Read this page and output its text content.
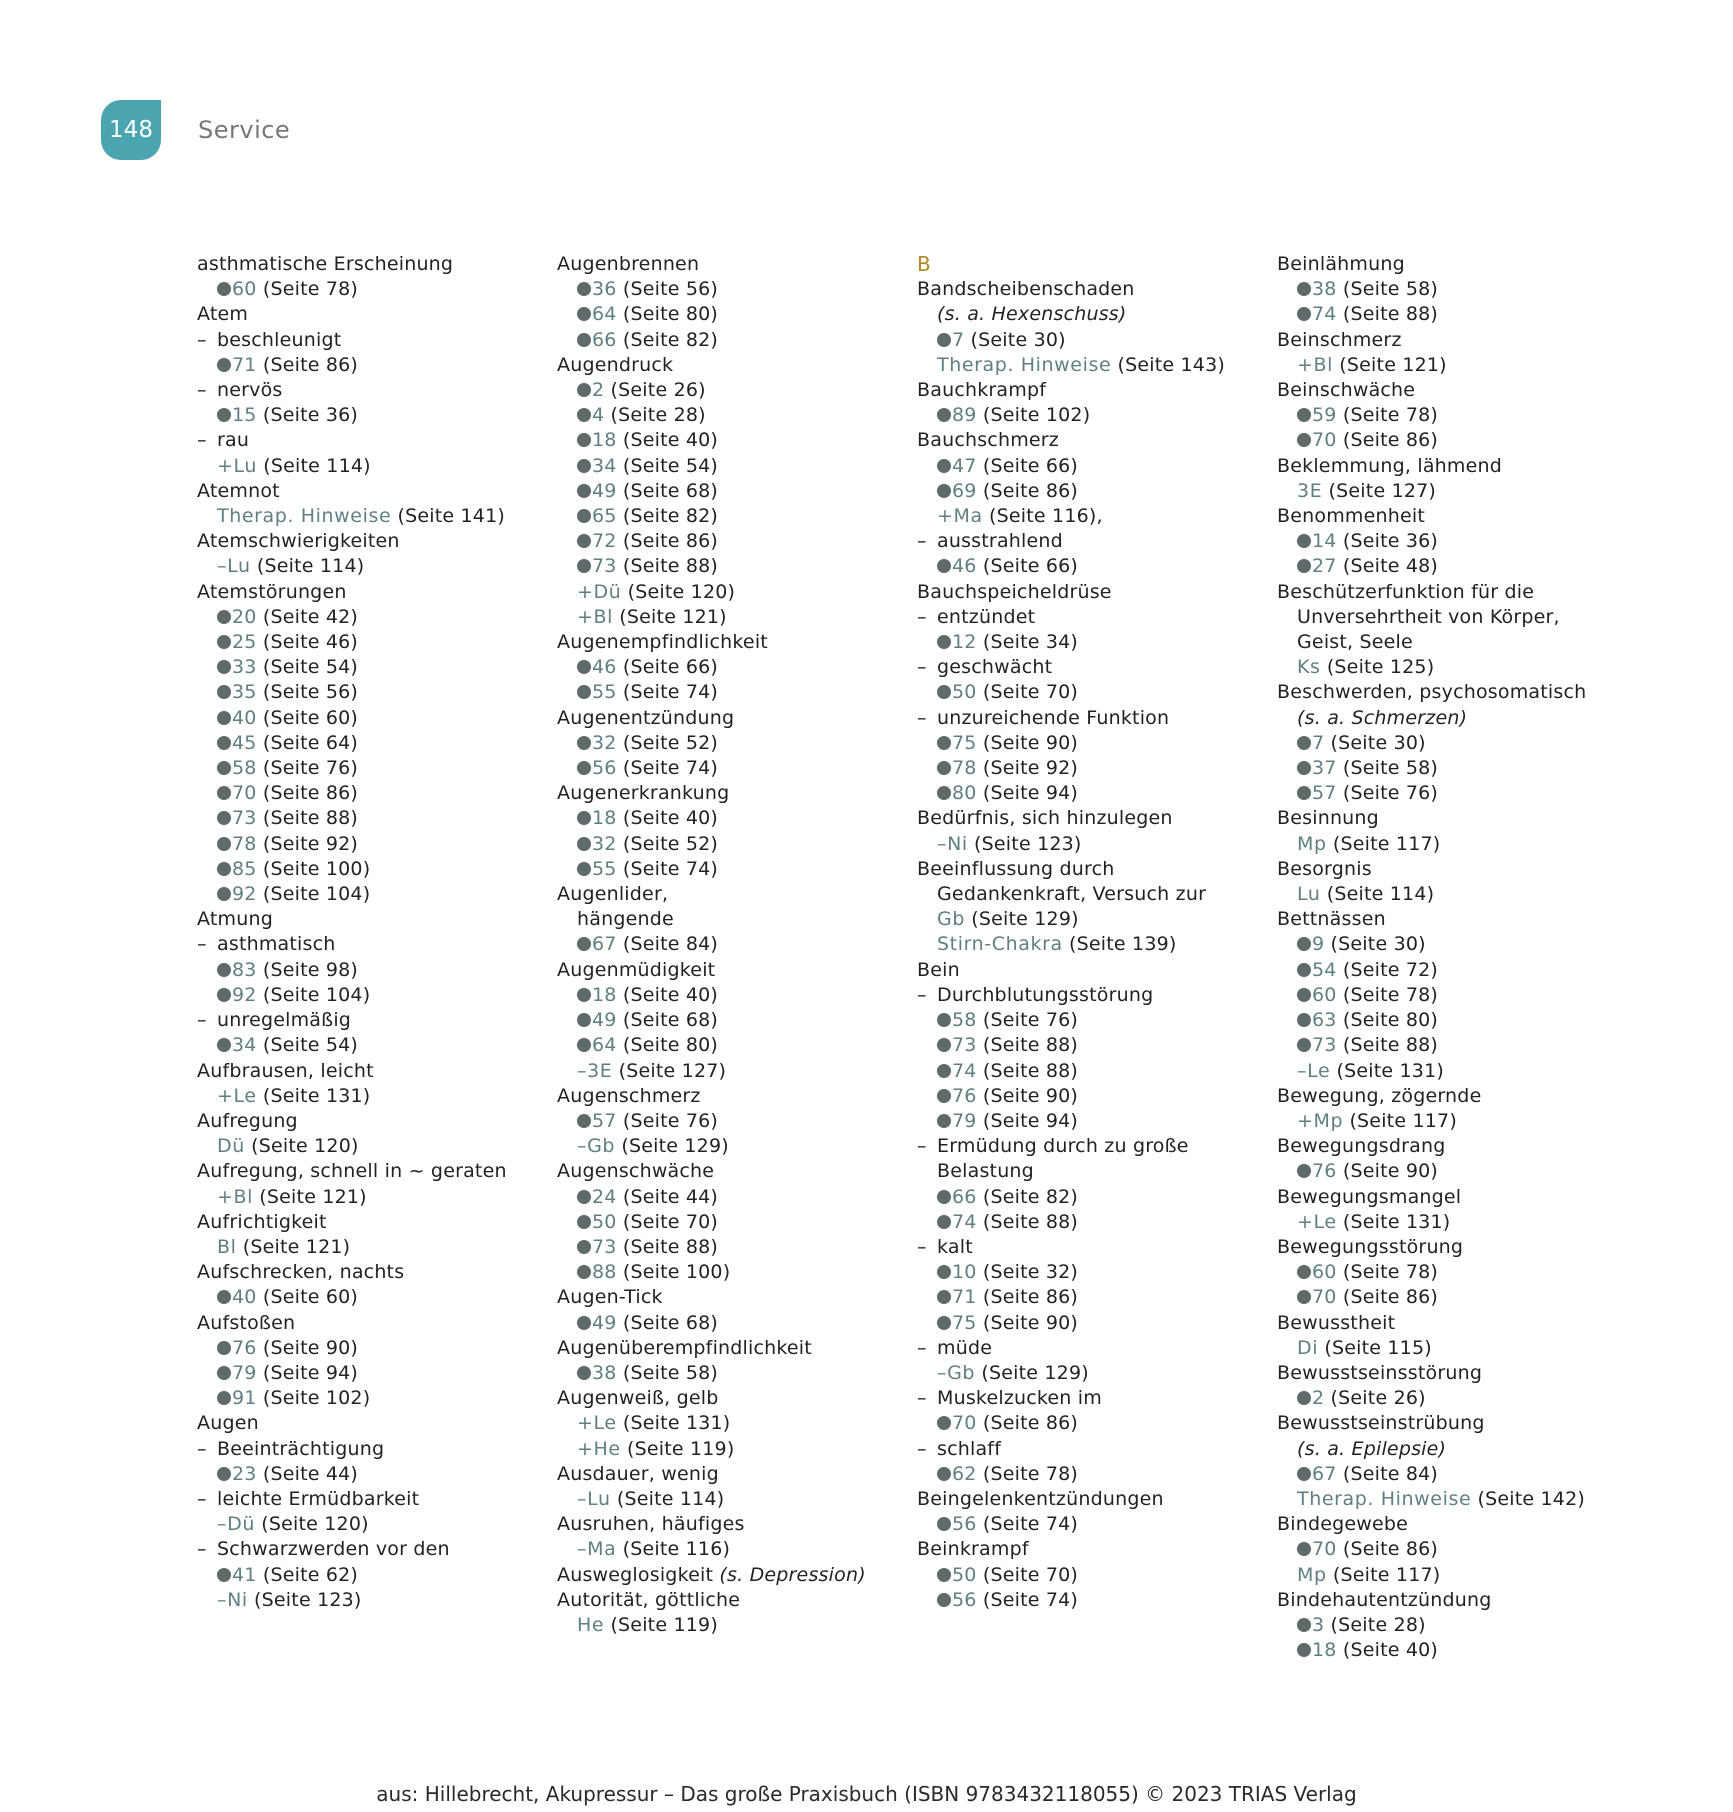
148	Service
asthmatische Erscheinung
60 (Seite 78)
Atem
– beschleunigt
71 (Seite 86)
– nervös
15 (Seite 36)
– rau
+Lu (Seite 114)
Atemnot
Therap. Hinweise (Seite 141)
Atemschwierigkeiten
–Lu (Seite 114)
Atemstörungen
20 (Seite 42)
25 (Seite 46)
33 (Seite 54)
35 (Seite 56)
40 (Seite 60)
45 (Seite 64)
58 (Seite 76)
70 (Seite 86)
73 (Seite 88)
78 (Seite 92)
85 (Seite 100)
92 (Seite 104)
Atmung
– asthmatisch
83 (Seite 98)
92 (Seite 104)
– unregelmäßig
34 (Seite 54)
Aufbrausen, leicht
+Le (Seite 131)
Aufregung
Dü (Seite 120)
Aufregung, schnell in ~ geraten
+Bl (Seite 121)
Aufrichtigkeit
Bl (Seite 121)
Aufschrecken, nachts
40 (Seite 60)
Aufstoßen
76 (Seite 90)
79 (Seite 94)
91 (Seite 102)
Augen
– Beeinträchtigung
23 (Seite 44)
– leichte Ermüdbarkeit
–Dü (Seite 120)
– Schwarzwerden vor den
41 (Seite 62)
–Ni (Seite 123)
Augenbrennen
36 (Seite 56)
64 (Seite 80)
66 (Seite 82)
Augendruck
2 (Seite 26)
4 (Seite 28)
18 (Seite 40)
34 (Seite 54)
49 (Seite 68)
65 (Seite 82)
72 (Seite 86)
73 (Seite 88)
+Dü (Seite 120)
+Bl (Seite 121)
Augenempfindlichkeit
46 (Seite 66)
55 (Seite 74)
Augenentzündung
32 (Seite 52)
56 (Seite 74)
Augenerkrankung
18 (Seite 40)
32 (Seite 52)
55 (Seite 74)
Augenlider,
hängende
67 (Seite 84)
Augenmüdigkeit
18 (Seite 40)
49 (Seite 68)
64 (Seite 80)
–3E (Seite 127)
Augenschmerz
57 (Seite 76)
–Gb (Seite 129)
Augenschwäche
24 (Seite 44)
50 (Seite 70)
73 (Seite 88)
88 (Seite 100)
Augen-Tick
49 (Seite 68)
Augenüberempfindlichkeit
38 (Seite 58)
Augenweiß, gelb
+Le (Seite 131)
+He (Seite 119)
Ausdauer, wenig
–Lu (Seite 114)
Ausruhen, häufiges
–Ma (Seite 116)
Ausweglosigkeit (s. Depression)
Autorität, göttliche
He (Seite 119)
B
Bandscheibenschaden
(s. a. Hexenschuss)
7 (Seite 30)
Therap. Hinweise (Seite 143)
Bauchkrampf
89 (Seite 102)
Bauchschmerz
47 (Seite 66)
69 (Seite 86)
+Ma (Seite 116),
– ausstrahlend
46 (Seite 66)
Bauchspeicheldrüse
– entzündet
12 (Seite 34)
– geschwächt
50 (Seite 70)
– unzureichende Funktion
75 (Seite 90)
78 (Seite 92)
80 (Seite 94)
Bedürfnis, sich hinzulegen
–Ni (Seite 123)
Beeinflussung durch
Gedankenkraft, Versuch zur
Gb (Seite 129)
Stirn-Chakra (Seite 139)
Bein
– Durchblutungsstörung
58 (Seite 76)
73 (Seite 88)
74 (Seite 88)
76 (Seite 90)
79 (Seite 94)
– Ermüdung durch zu große
Belastung
66 (Seite 82)
74 (Seite 88)
– kalt
10 (Seite 32)
71 (Seite 86)
75 (Seite 90)
– müde
–Gb (Seite 129)
– Muskelzucken im
70 (Seite 86)
– schlaff
62 (Seite 78)
Beingelenkentzündungen
56 (Seite 74)
Beinkrampf
50 (Seite 70)
56 (Seite 74)
Beinlähmung
38 (Seite 58)
74 (Seite 88)
Beinschmerz
+Bl (Seite 121)
Beinschwäche
59 (Seite 78)
70 (Seite 86)
Beklemmung, lähmend
3E (Seite 127)
Benommenheit
14 (Seite 36)
27 (Seite 48)
Beschützerfunktion für die
Unversehrtheit von Körper,
Geist, Seele
Ks (Seite 125)
Beschwerden, psychosomatisch
(s. a. Schmerzen)
7 (Seite 30)
37 (Seite 58)
57 (Seite 76)
Besinnung
Mp (Seite 117)
Besorgnis
Lu (Seite 114)
Bettnässen
9 (Seite 30)
54 (Seite 72)
60 (Seite 78)
63 (Seite 80)
73 (Seite 88)
–Le (Seite 131)
Bewegung, zögernde
+Mp (Seite 117)
Bewegungsdrang
76 (Seite 90)
Bewegungsmangel
+Le (Seite 131)
Bewegungsstörung
60 (Seite 78)
70 (Seite 86)
Bewusstheit
Di (Seite 115)
Bewusstseinsstörung
2 (Seite 26)
Bewusstseinstrübung
(s. a. Epilepsie)
67 (Seite 84)
Therap. Hinweise (Seite 142)
Bindegewebe
70 (Seite 86)
Mp (Seite 117)
Bindehautentzündung
3 (Seite 28)
18 (Seite 40)
aus: Hillebrecht, Akupressur – Das große Praxisbuch (ISBN 9783432118055) © 2023 TRIAS Verlag
